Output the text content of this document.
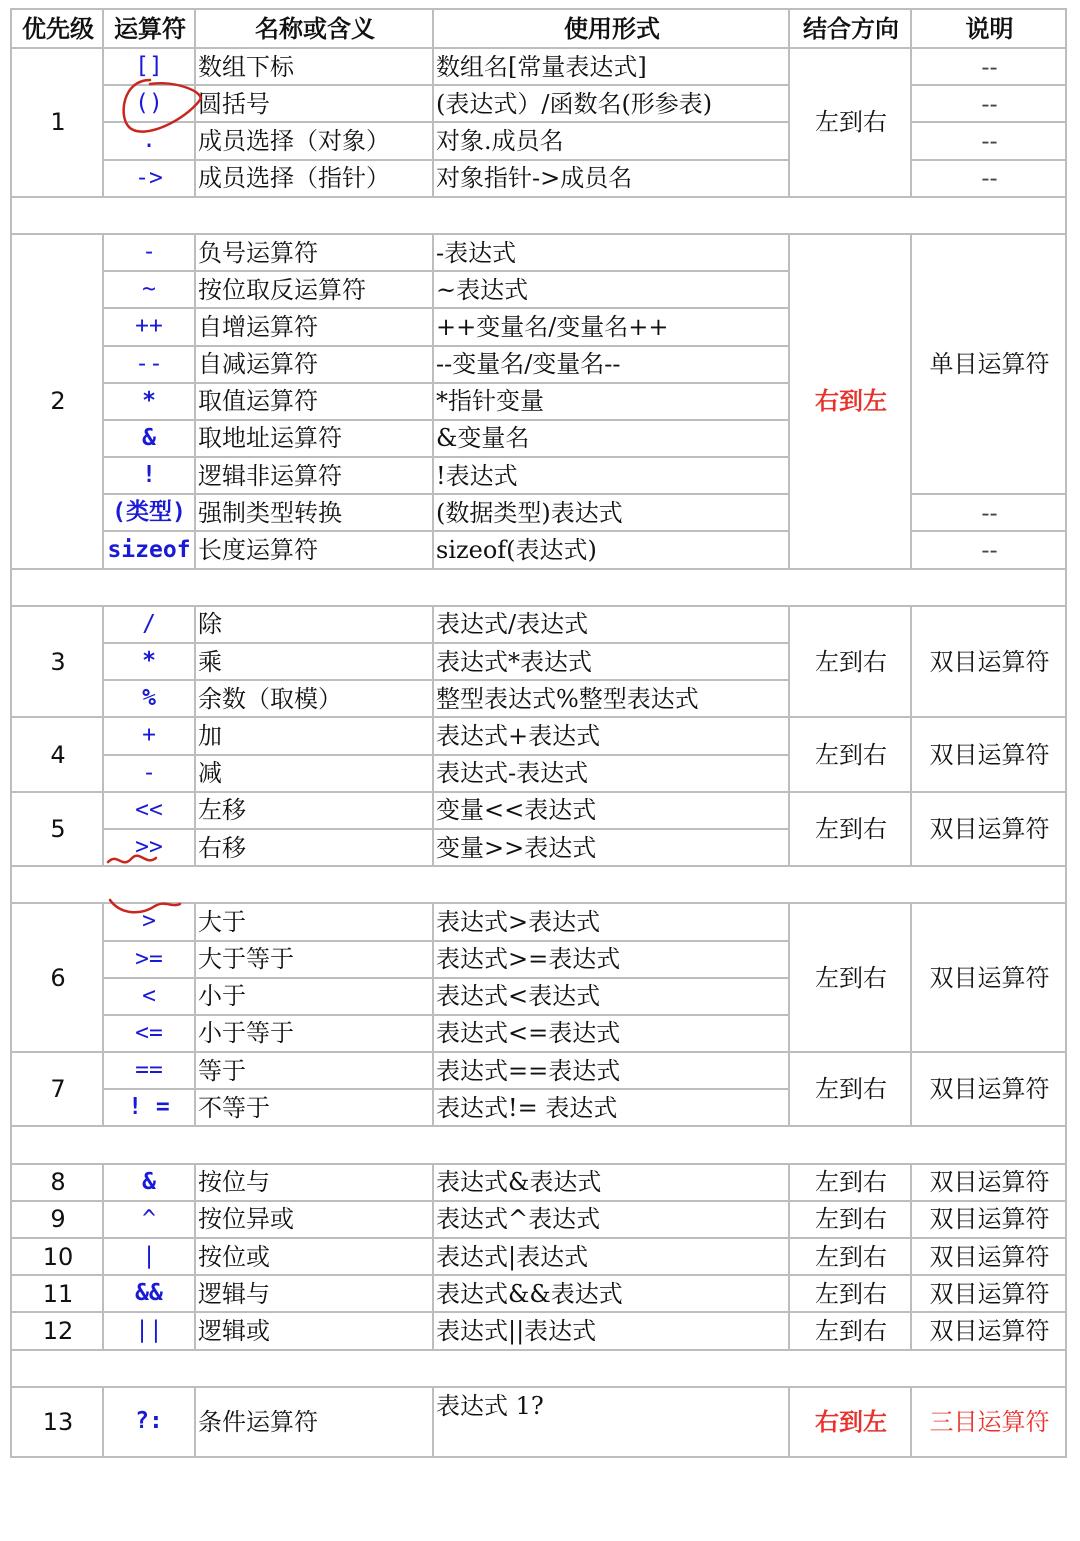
优先级	运算符	名称或含义	使用形式	结合方向	说明
1	[]	数组下标	数组名[常量表达式]	左到右	--
	()	圆括号	(表达式）/函数名(形参表)		--
	.	成员选择（对象）	对象.成员名		--
	->	成员选择（指针）	对象指针->成员名		--

2	-	负号运算符	-表达式	右到左	单目运算符
	~	按位取反运算符	~表达式		
	++	自增运算符	++变量名/变量名++		
	--	自减运算符	--变量名/变量名--		
	*	取值运算符	*指针变量		
	&	取地址运算符	&变量名		
	!	逻辑非运算符	!表达式		
	(类型)	强制类型转换	(数据类型)表达式		--
	sizeof	长度运算符	sizeof(表达式)		--

3	/	除	表达式/表达式	左到右	双目运算符
	*	乘	表达式*表达式		
	%	余数（取模）	整型表达式%整型表达式		
4	+	加	表达式+表达式	左到右	双目运算符
	-	减	表达式-表达式		
5	<<	左移	变量<<表达式	左到右	双目运算符
	>>	右移	变量>>表达式		

6	>	大于	表达式>表达式	左到右	双目运算符
	>=	大于等于	表达式>=表达式		
	<	小于	表达式<表达式		
	<=	小于等于	表达式<=表达式		
7	==	等于	表达式==表达式	左到右	双目运算符
	! =	不等于	表达式!= 表达式		

8	&	按位与	表达式&表达式	左到右	双目运算符
9	^	按位异或	表达式^表达式	左到右	双目运算符
10	|	按位或	表达式|表达式	左到右	双目运算符
11	&&	逻辑与	表达式&&表达式	左到右	双目运算符
12	||	逻辑或	表达式||表达式	左到右	双目运算符

13	?:	条件运算符	表达式 1?	右到左	三目运算符
